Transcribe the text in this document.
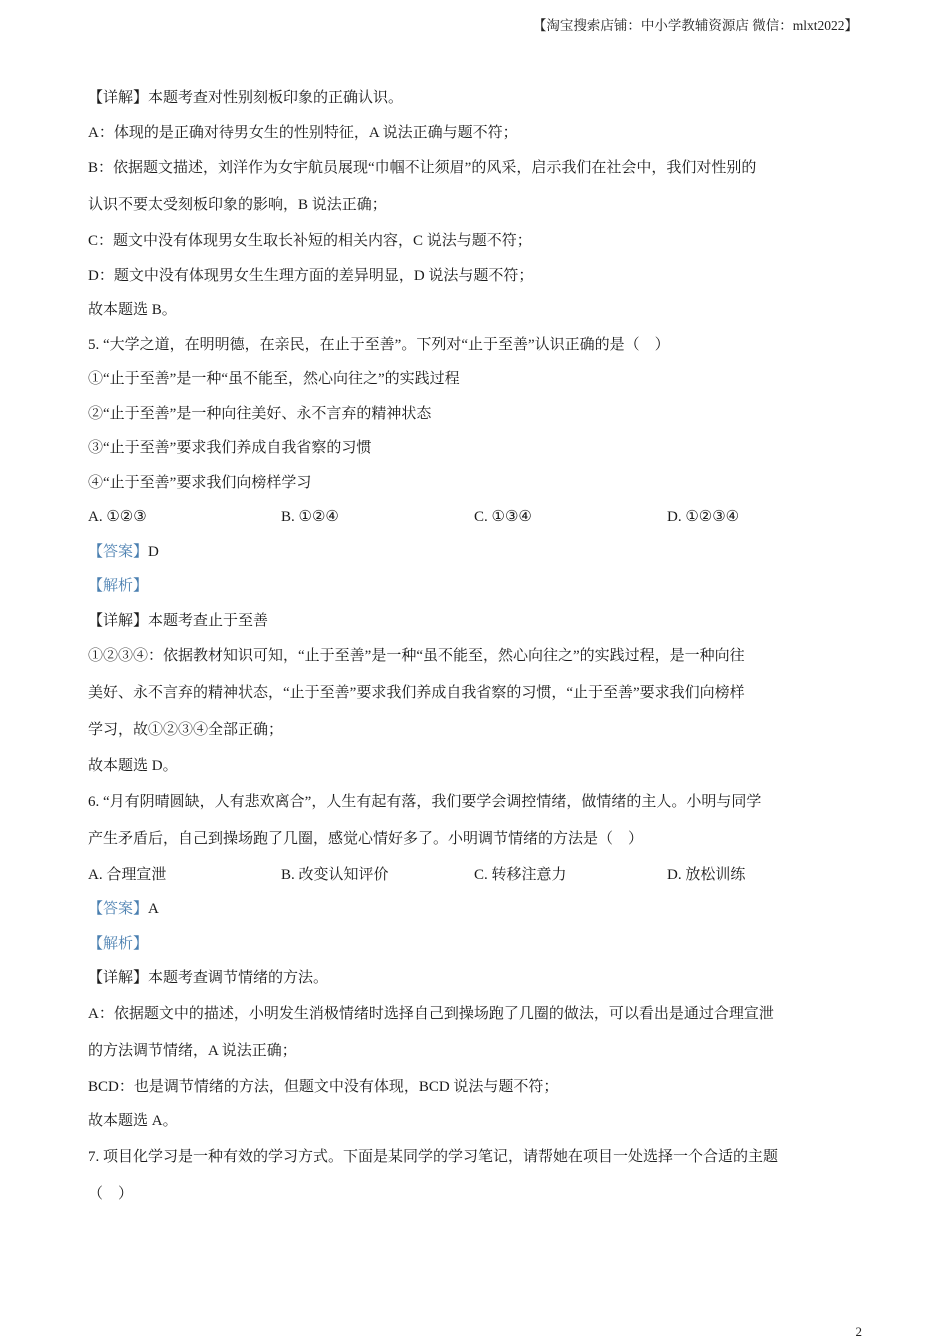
【淘宝搜索店铺：中小学教辅资源店 微信：mlxt2022】
【详解】本题考查对性别刻板印象的正确认识。
A：体现的是正确对待男女生的性别特征，A 说法正确与题不符；
B：依据题文描述，刘洋作为女宇航员展现“巾帼不让须眉”的风采，启示我们在社会中，我们对性别的
认识不要太受刻板印象的影响，B 说法正确；
C：题文中没有体现男女生取长补短的相关内容，C 说法与题不符；
D：题文中没有体现男女生生理方面的差异明显，D 说法与题不符；
故本题选 B。
5. “大学之道，在明明德，在亲民，在止于至善”。下列对“止于至善”认识正确的是（　）
①“止于至善”是一种“虽不能至，然心向往之”的实践过程
②“止于至善”是一种向往美好、永不言弃的精神状态
③“止于至善”要求我们养成自我省察的习惯
④“止于至善”要求我们向榜样学习
A. ①②③	B. ①②④	C. ①③④	D. ①②③④
【答案】D
【解析】
【详解】本题考查止于至善
①②③④：依据教材知识可知，“止于至善”是一种“虽不能至，然心向往之”的实践过程，是一种向往
美好、永不言弃的精神状态，“止于至善”要求我们养成自我省察的习惯，“止于至善”要求我们向榜样
学习，故①②③④全部正确；
故本题选 D。
6. “月有阴晴圆缺，人有悲欢离合”，人生有起有落，我们要学会调控情绪，做情绪的主人。小明与同学
产生矛盾后，自己到操场跑了几圈，感觉心情好多了。小明调节情绪的方法是（　）
A. 合理宣泄	B. 改变认知评价	C. 转移注意力	D. 放松训练
【答案】A
【解析】
【详解】本题考查调节情绪的方法。
A：依据题文中的描述，小明发生消极情绪时选择自己到操场跑了几圈的做法，可以看出是通过合理宣泄
的方法调节情绪，A 说法正确；
BCD：也是调节情绪的方法，但题文中没有体现，BCD 说法与题不符；
故本题选 A。
7. 项目化学习是一种有效的学习方式。下面是某同学的学习笔记，请帮她在项目一处选择一个合适的主题
（　）
2
